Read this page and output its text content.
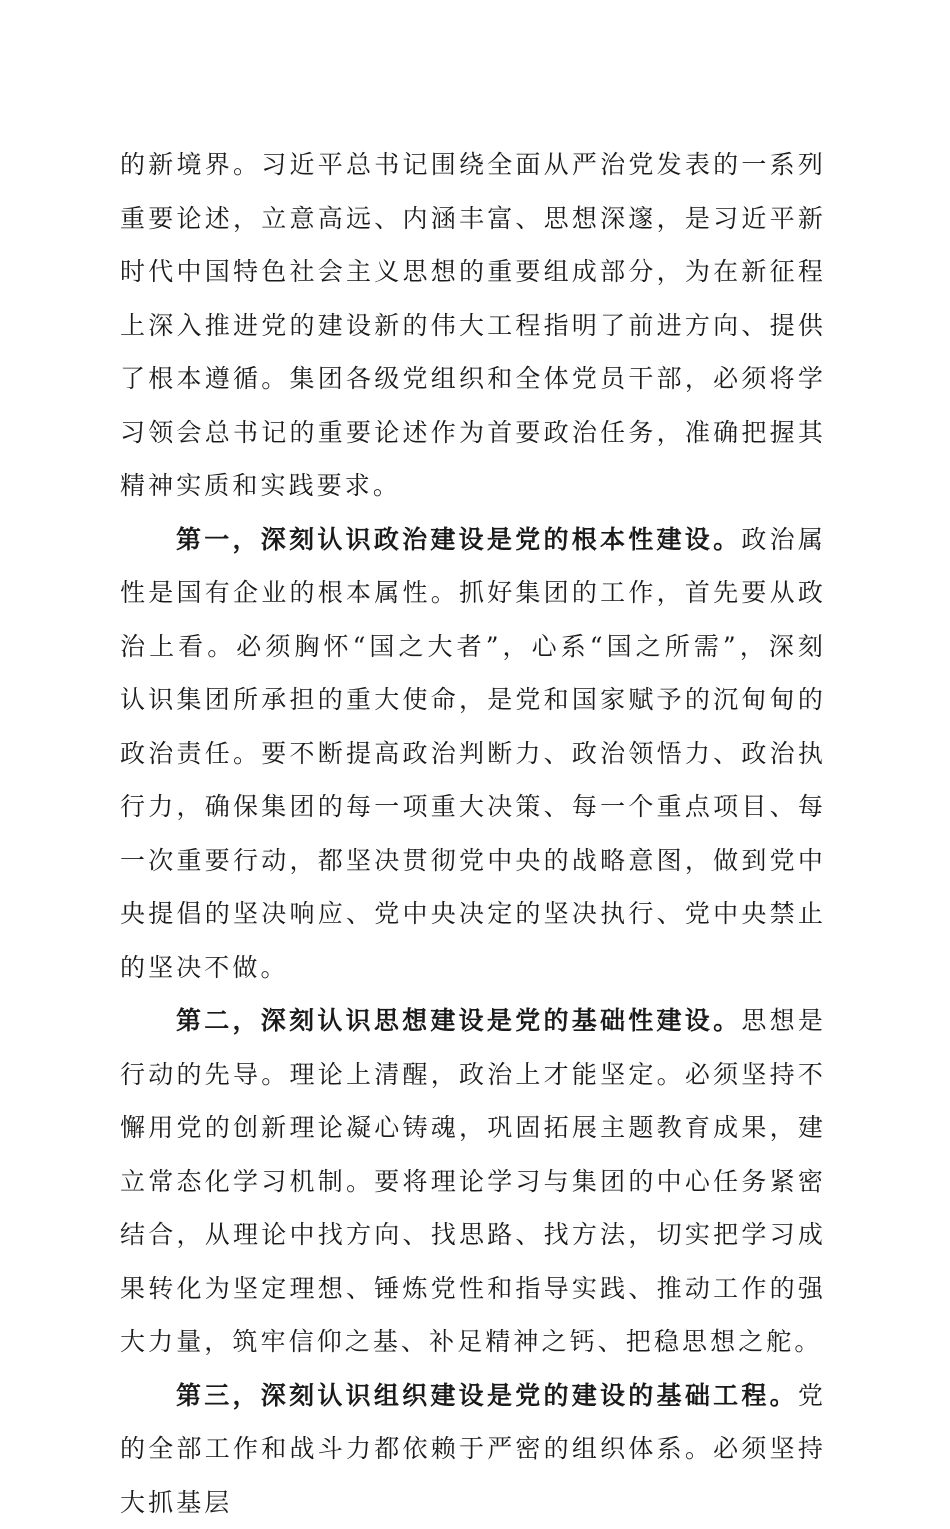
的新境界。习近平总书记围绕全面从严治党发表的一系列重要论述，立意高远、内涵丰富、思想深邃，是习近平新时代中国特色社会主义思想的重要组成部分，为在新征程上深入推进党的建设新的伟大工程指明了前进方向、提供了根本遵循。集团各级党组织和全体党员干部，必须将学习领会总书记的重要论述作为首要政治任务，准确把握其精神实质和实践要求。

第一，深刻认识政治建设是党的根本性建设。政治属性是国有企业的根本属性。抓好集团的工作，首先要从政治上看。必须胸怀“国之大者”，心系“国之所需”，深刻认识集团所承担的重大使命，是党和国家赋予的沉甸甸的政治责任。要不断提高政治判断力、政治领悟力、政治执行力，确保集团的每一项重大决策、每一个重点项目、每一次重要行动，都坚决贯彻党中央的战略意图，做到党中央提倡的坚决响应、党中央决定的坚决执行、党中央禁止的坚决不做。

第二，深刻认识思想建设是党的基础性建设。思想是行动的先导。理论上清醒，政治上才能坚定。必须坚持不懈用党的创新理论凝心铸魂，巩固拓展主题教育成果，建立常态化学习机制。要将理论学习与集团的中心任务紧密结合，从理论中找方向、找思路、找方法，切实把学习成果转化为坚定理想、锤炼党性和指导实践、推动工作的强大力量，筑牢信仰之基、补足精神之钙、把稳思想之舵。

第三，深刻认识组织建设是党的建设的基础工程。党的全部工作和战斗力都依赖于严密的组织体系。必须坚持大抓基层
